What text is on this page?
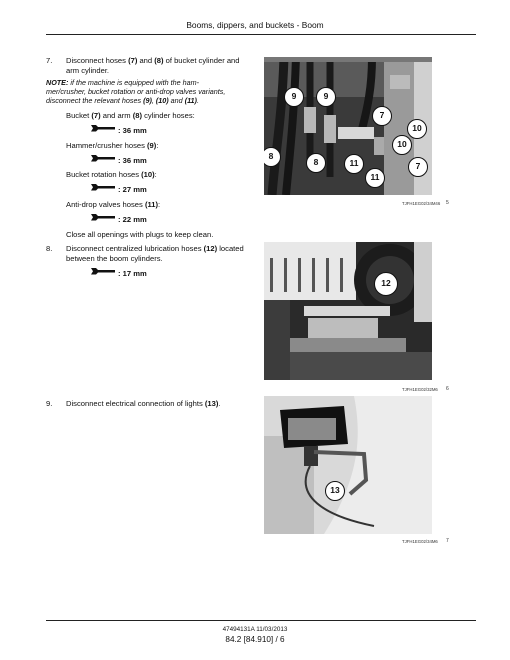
Booms, dippers, and buckets - Boom
7. Disconnect hoses (7) and (8) of bucket cylinder and
arm cylinder.
NOTE: if the machine is equipped with the ham-
mer/crusher, bucket rotation or anti-drop valves variants,
disconnect the relevant hoses (9), (10) and (11).
Bucket (7) and arm (8) cylinder hoses:
: 36 mm
Hammer/crusher hoses (9):
: 36 mm
Bucket rotation hoses (10):
: 27 mm
Anti-drop valves hoses (11):
: 22 mm
Close all openings with plugs to keep clean.
8. Disconnect centralized lubrication hoses (12) located
between the boom cylinders.
: 17 mm
9. Disconnect electrical connection of lights (13).
9	9
7
10
10
8
8	11
11
7
TJFH1EG02/34M46 5
12
TJFH1EG02/32M6 6
13
TJFH1EG02/34M6 7
47494131A 11/03/2013
84.2 [84.910] / 6
